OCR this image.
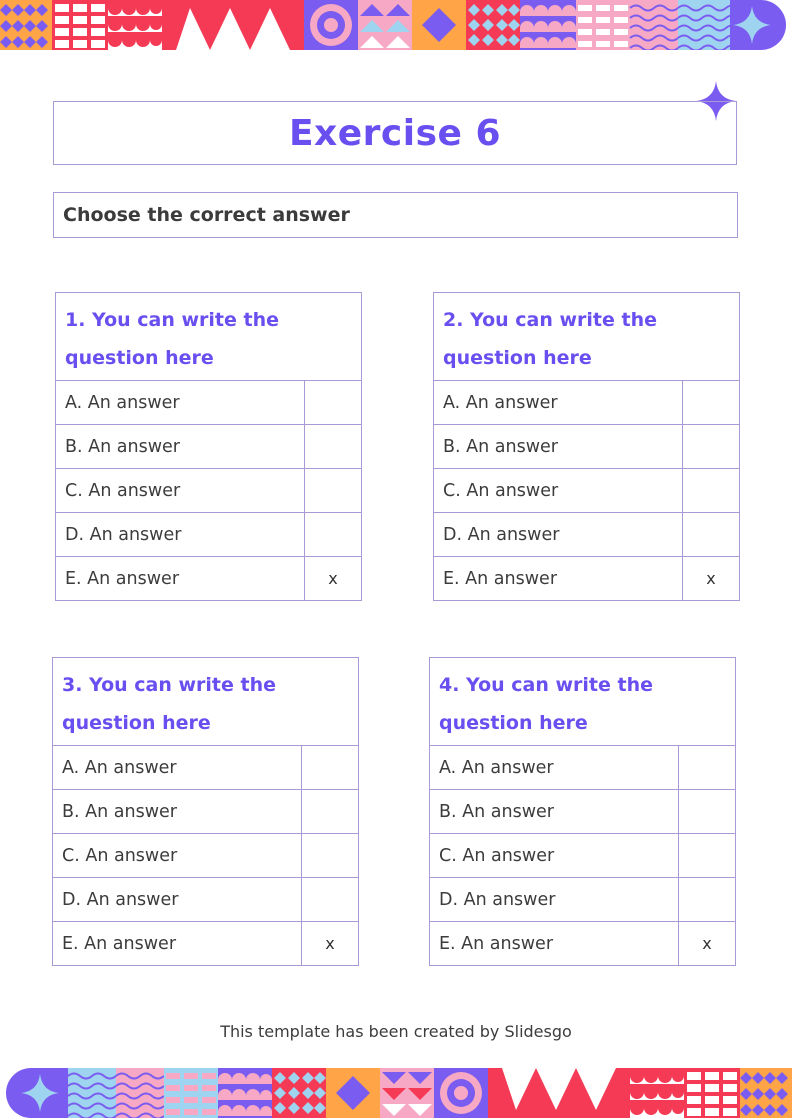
Exercise 6
Choose the correct answer
1. You can write the
question here
A. An answer
B. An answer
C. An answer
D. An answer
E. An answer	x
2. You can write the
question here
A. An answer
B. An answer
C. An answer
D. An answer
E. An answer	x
3. You can write the
question here
A. An answer
B. An answer
C. An answer
D. An answer
E. An answer	x
4. You can write the
question here
A. An answer
B. An answer
C. An answer
D. An answer
E. An answer	x
This template has been created by Slidesgo
